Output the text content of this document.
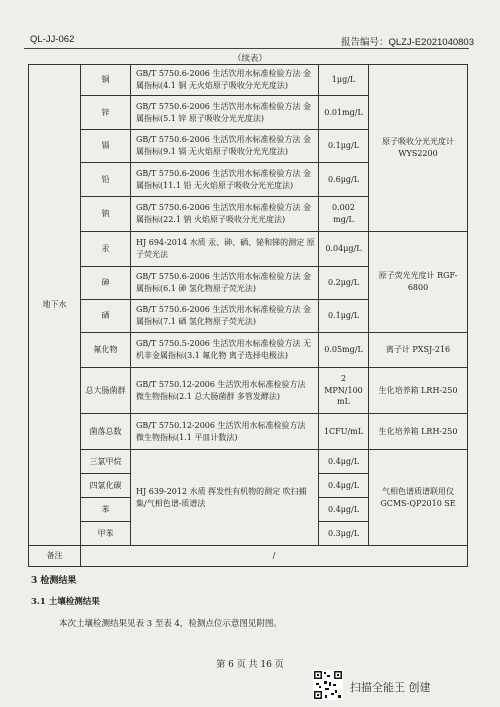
QL-JJ-062	报告编号：QLZJ-E2021040803
（续表）
地下水	铜	GB/T 5750.6-2006 生活饮用水标准检验方法 金属指标(4.1 铜 无火焰原子吸收分光光度法)	1μg/L	原子吸收分光光度计 WYS2200
	锌	GB/T 5750.6-2006 生活饮用水标准检验方法 金属指标(5.1 锌 原子吸收分光光度法)	0.01mg/L	
	镉	GB/T 5750.6-2006 生活饮用水标准检验方法 金属指标(9.1 镉 无火焰原子吸收分光光度法)	0.1μg/L	
	铅	GB/T 5750.6-2006 生活饮用水标准检验方法 金属指标(11.1 铅 无火焰原子吸收分光光度法)	0.6μg/L	
	钠	GB/T 5750.6-2006 生活饮用水标准检验方法 金属指标(22.1 钠 火焰原子吸收分光光度法)	0.002 mg/L	
	汞	HJ 694-2014 水质 汞、砷、硒、铋和锑的测定 原子荧光法	0.04μg/L	原子荧光光度计 RGF-6800
	砷	GB/T 5750.6-2006 生活饮用水标准检验方法 金属指标(6.1 砷 氢化物原子荧光法)	0.2μg/L	
	硒	GB/T 5750.6-2006 生活饮用水标准检验方法 金属指标(7.1 硒 氢化物原子荧光法)	0.1μg/L	
	氟化物	GB/T 5750.5-2006 生活饮用水标准检验方法 无机非金属指标(3.1 氟化物 离子选择电极法)	0.05mg/L	离子计 PXSJ-216
	总大肠菌群	GB/T 5750.12-2006 生活饮用水标准检验方法 微生物指标(2.1 总大肠菌群 多管发酵法)	2 MPN/100 mL	生化培养箱 LRH-250
	菌落总数	GB/T 5750.12-2006 生活饮用水标准检验方法 微生物指标(1.1 平皿计数法)	1CFU/mL	生化培养箱 LRH-250
	三氯甲烷	HJ 639-2012 水质 挥发性有机物的测定 吹扫捕集/气相色谱-质谱法	0.4μg/L	气相色谱质谱联用仪 GCMS-QP2010 SE
	四氯化碳		0.4μg/L	
	苯		0.4μg/L	
	甲苯		0.3μg/L	
备注	/			
3 检测结果
3.1 土壤检测结果
本次土壤检测结果见表 3 至表 4，检测点位示意图见附图。
第 6 页 共 16 页
扫描全能王 创建
